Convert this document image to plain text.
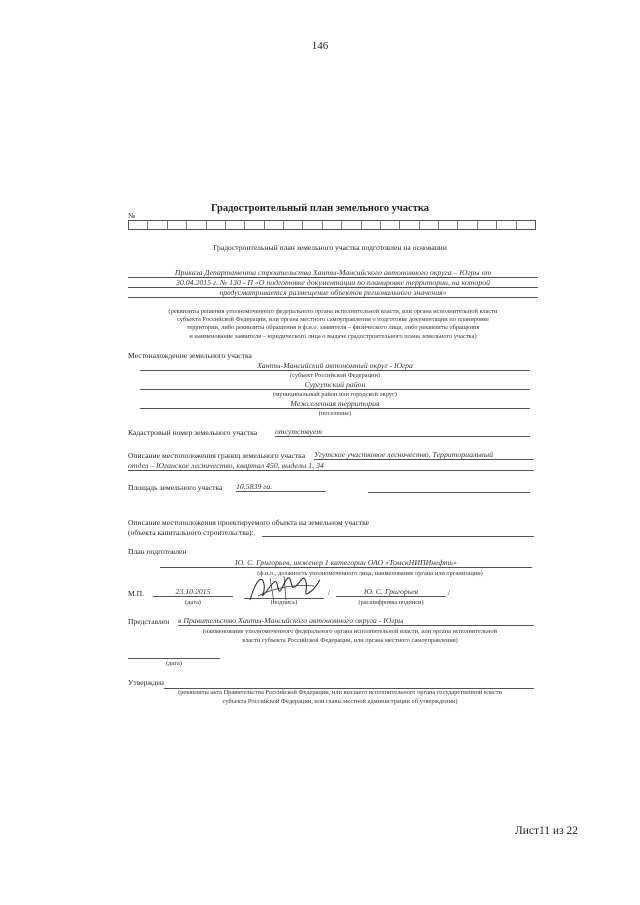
146
Градостроительный план земельного участка
№
Градостроительный план земельного участка подготовлен на основании
Приказа Департамента строительства Ханты-Мансийского автономного округа – Югры от
30.04.2015 г. № 130 - П «О подготовке документации по планировке территории, на которой
предусматривается размещение объектов регионального значения»
(реквизиты решения уполномоченного федерального органа исполнительной власти, или органа исполнительной власти
субъекта Российской Федерации, или органа местного самоуправления о подготовке документации по планировке
территории, либо реквизиты обращения и ф.и.о. заявителя – физического лица, либо реквизиты обращения
и наименование заявителя – юридического лица о выдаче градостроительного плана земельного участка)
Местонахождение земельного участка
Ханты-Мансийский автономный округ - Югра
(субъект Российской Федерации)
Сургутский район
(муниципальный район или городской округ)
Межселенная территория
(поселение)
Кадастровый номер земельного участка отсутствует
Описание местоположения границ земельного участка Угутское участковое лесничество, Территориальный
отдел – Юганское лесничество, квартал 450, выделы 1, 34
Площадь земельного участка 10,5839 га.
Описание местоположения проектируемого объекта на земельном участке
(объекта капитального строительства):
План подготовлен
Ю. С. Григорьев, инженер 1 категории ОАО «ТомскНИПИнефть»
(ф.и.о., должность уполномоченного лица, наименование органа или организации)
М.П.	23.10.2015
(дата)	(подпись)
/	Ю. С. Григорьев	/
(расшифровка подписи)
Представлен в Правительство Ханты-Мансийского автономного округа - Югры
(наименование уполномоченного федерального органа исполнительной власти, или органа исполнительной
власти субъекта Российской Федерации, или органа местного самоуправления)
(дата)
Утвержден
(реквизиты акта Правительства Российской Федерации, или высшего исполнительного органа государственной власти
субъекта Российской Федерации, или главы местной администрации об утверждении)
Лист11 из 22
